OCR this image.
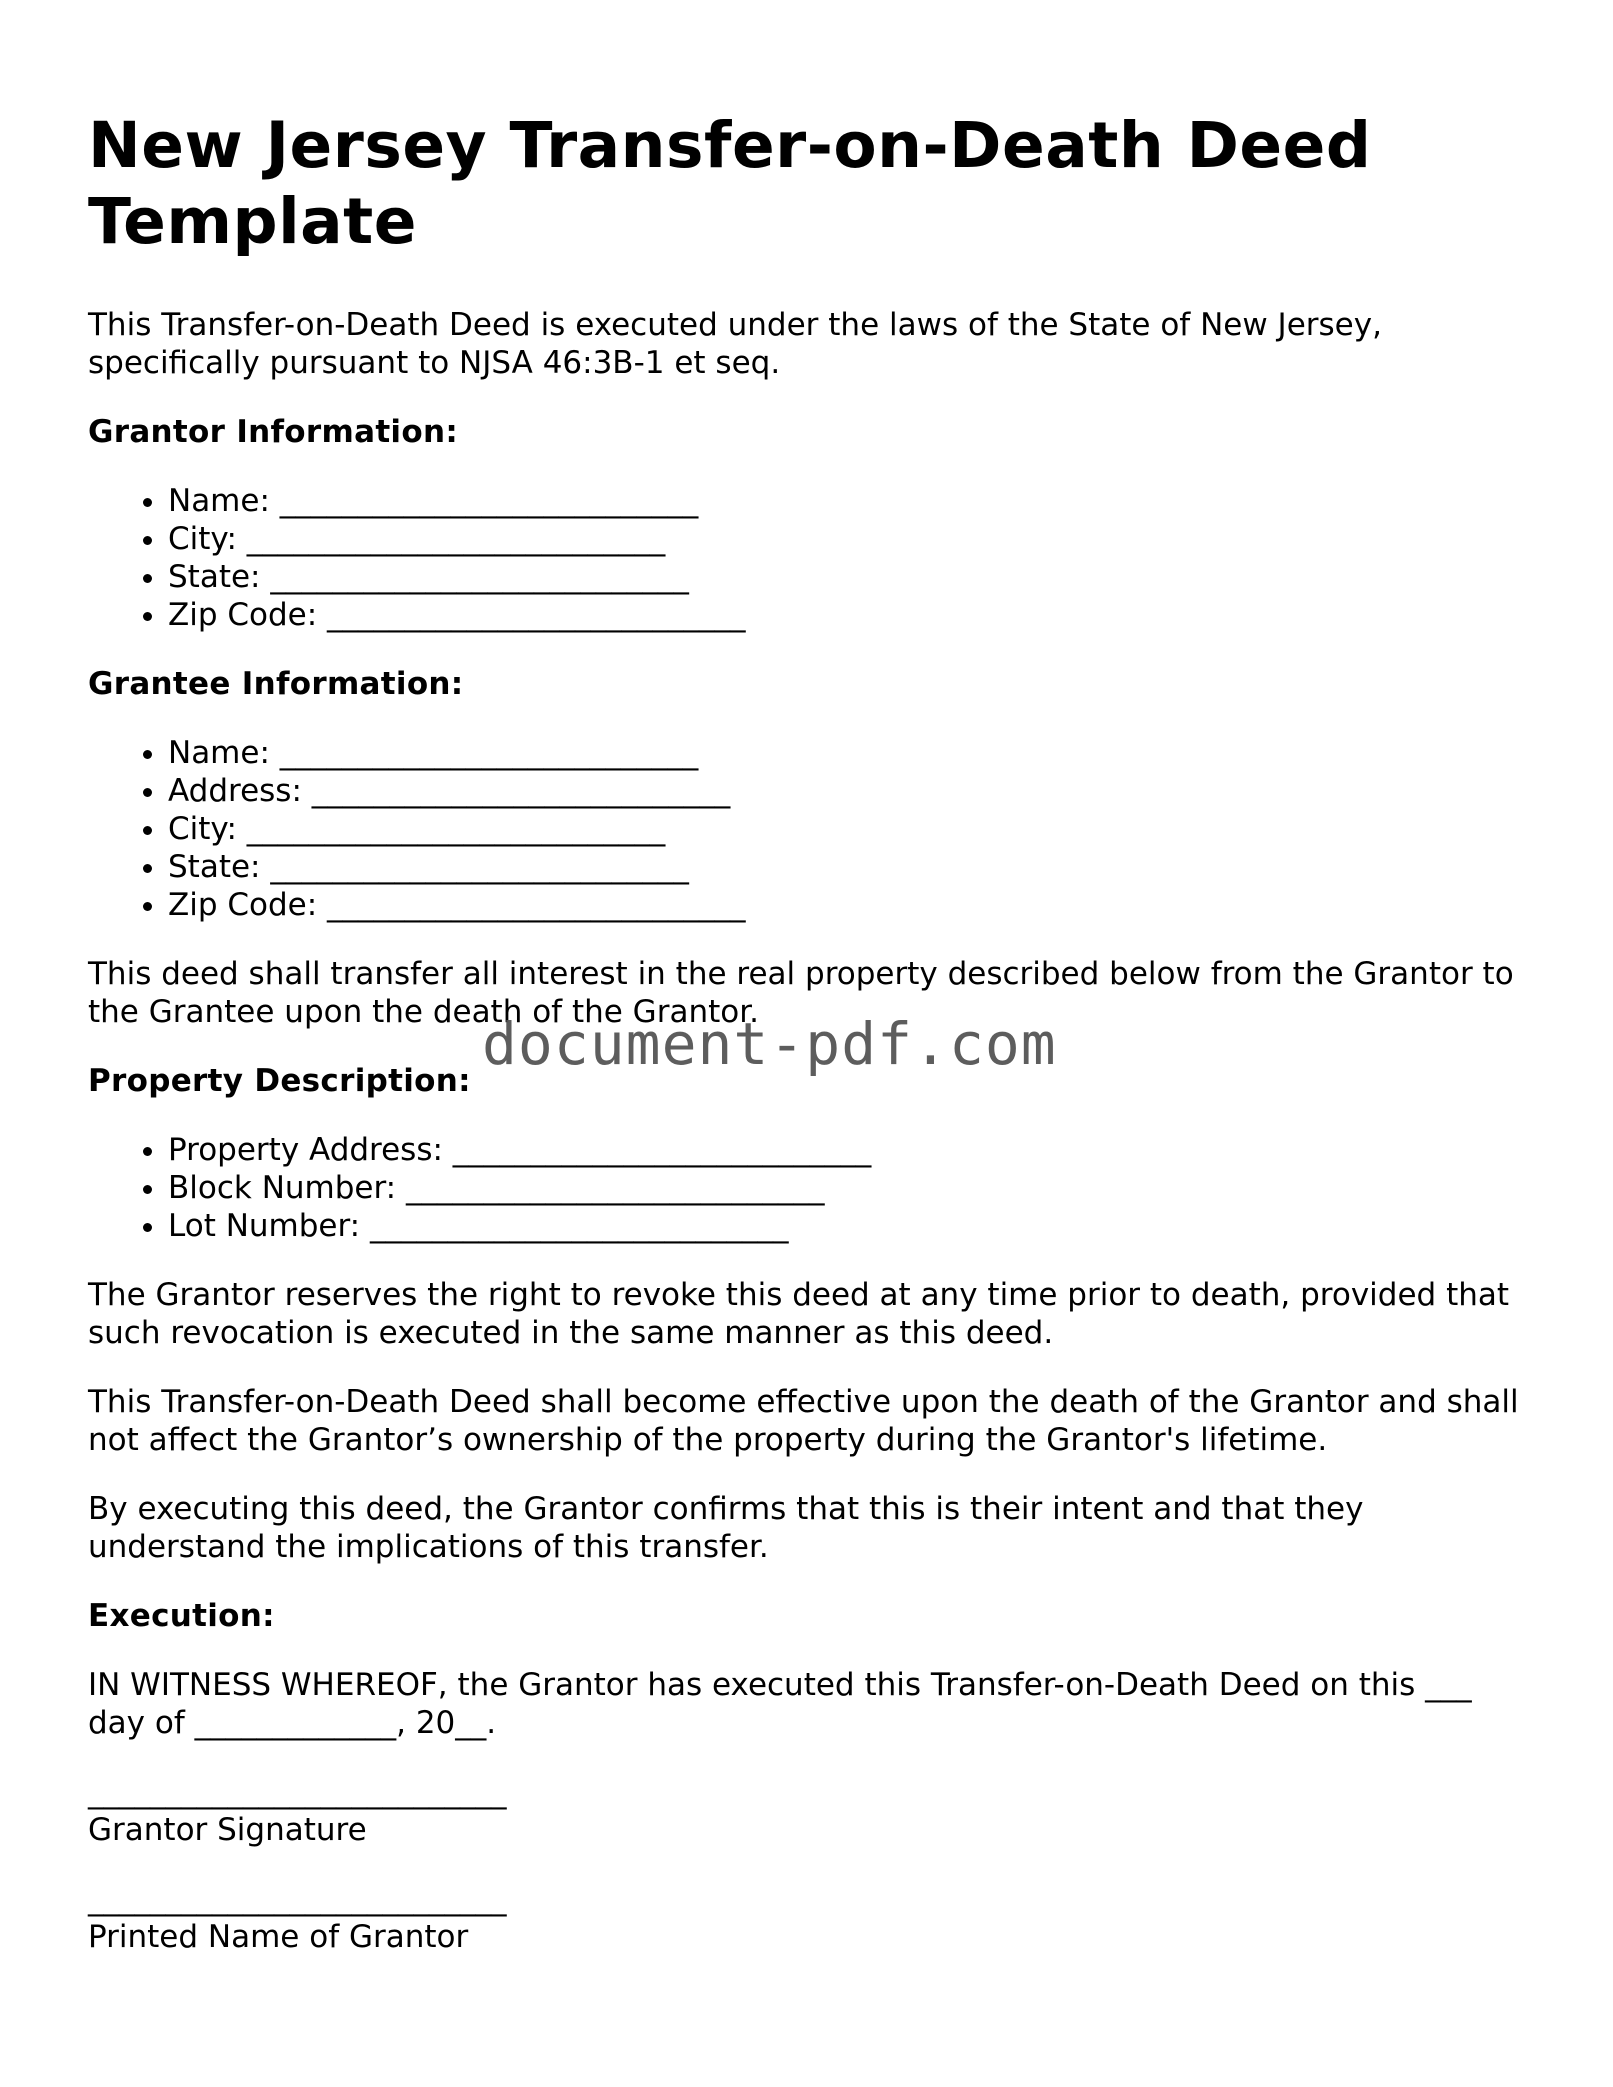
New Jersey Transfer-on-Death Deed Template

This Transfer-on-Death Deed is executed under the laws of the State of New Jersey, specifically pursuant to NJSA 46:3B-1 et seq.

Grantor Information:
• Name: ___________________________
• City: ___________________________
• State: ___________________________
• Zip Code: ___________________________
Grantee Information:
• Name: ___________________________
• Address: ___________________________
• City: ___________________________
• State: ___________________________
• Zip Code: ___________________________

This deed shall transfer all interest in the real property described below from the Grantor to the Grantee upon the death of the Grantor.

Property Description:
• Property Address: ___________________________
• Block Number: ___________________________
• Lot Number: ___________________________

The Grantor reserves the right to revoke this deed at any time prior to death, provided that such revocation is executed in the same manner as this deed.

This Transfer-on-Death Deed shall become effective upon the death of the Grantor and shall not affect the Grantor’s ownership of the property during the Grantor's lifetime.

By executing this deed, the Grantor confirms that this is their intent and that they understand the implications of this transfer.

Execution:

IN WITNESS WHEREOF, the Grantor has executed this Transfer-on-Death Deed on this ___ day of _____________, 20__.

___________________________
Grantor Signature
___________________________
Printed Name of Grantor
document-pdf.com
